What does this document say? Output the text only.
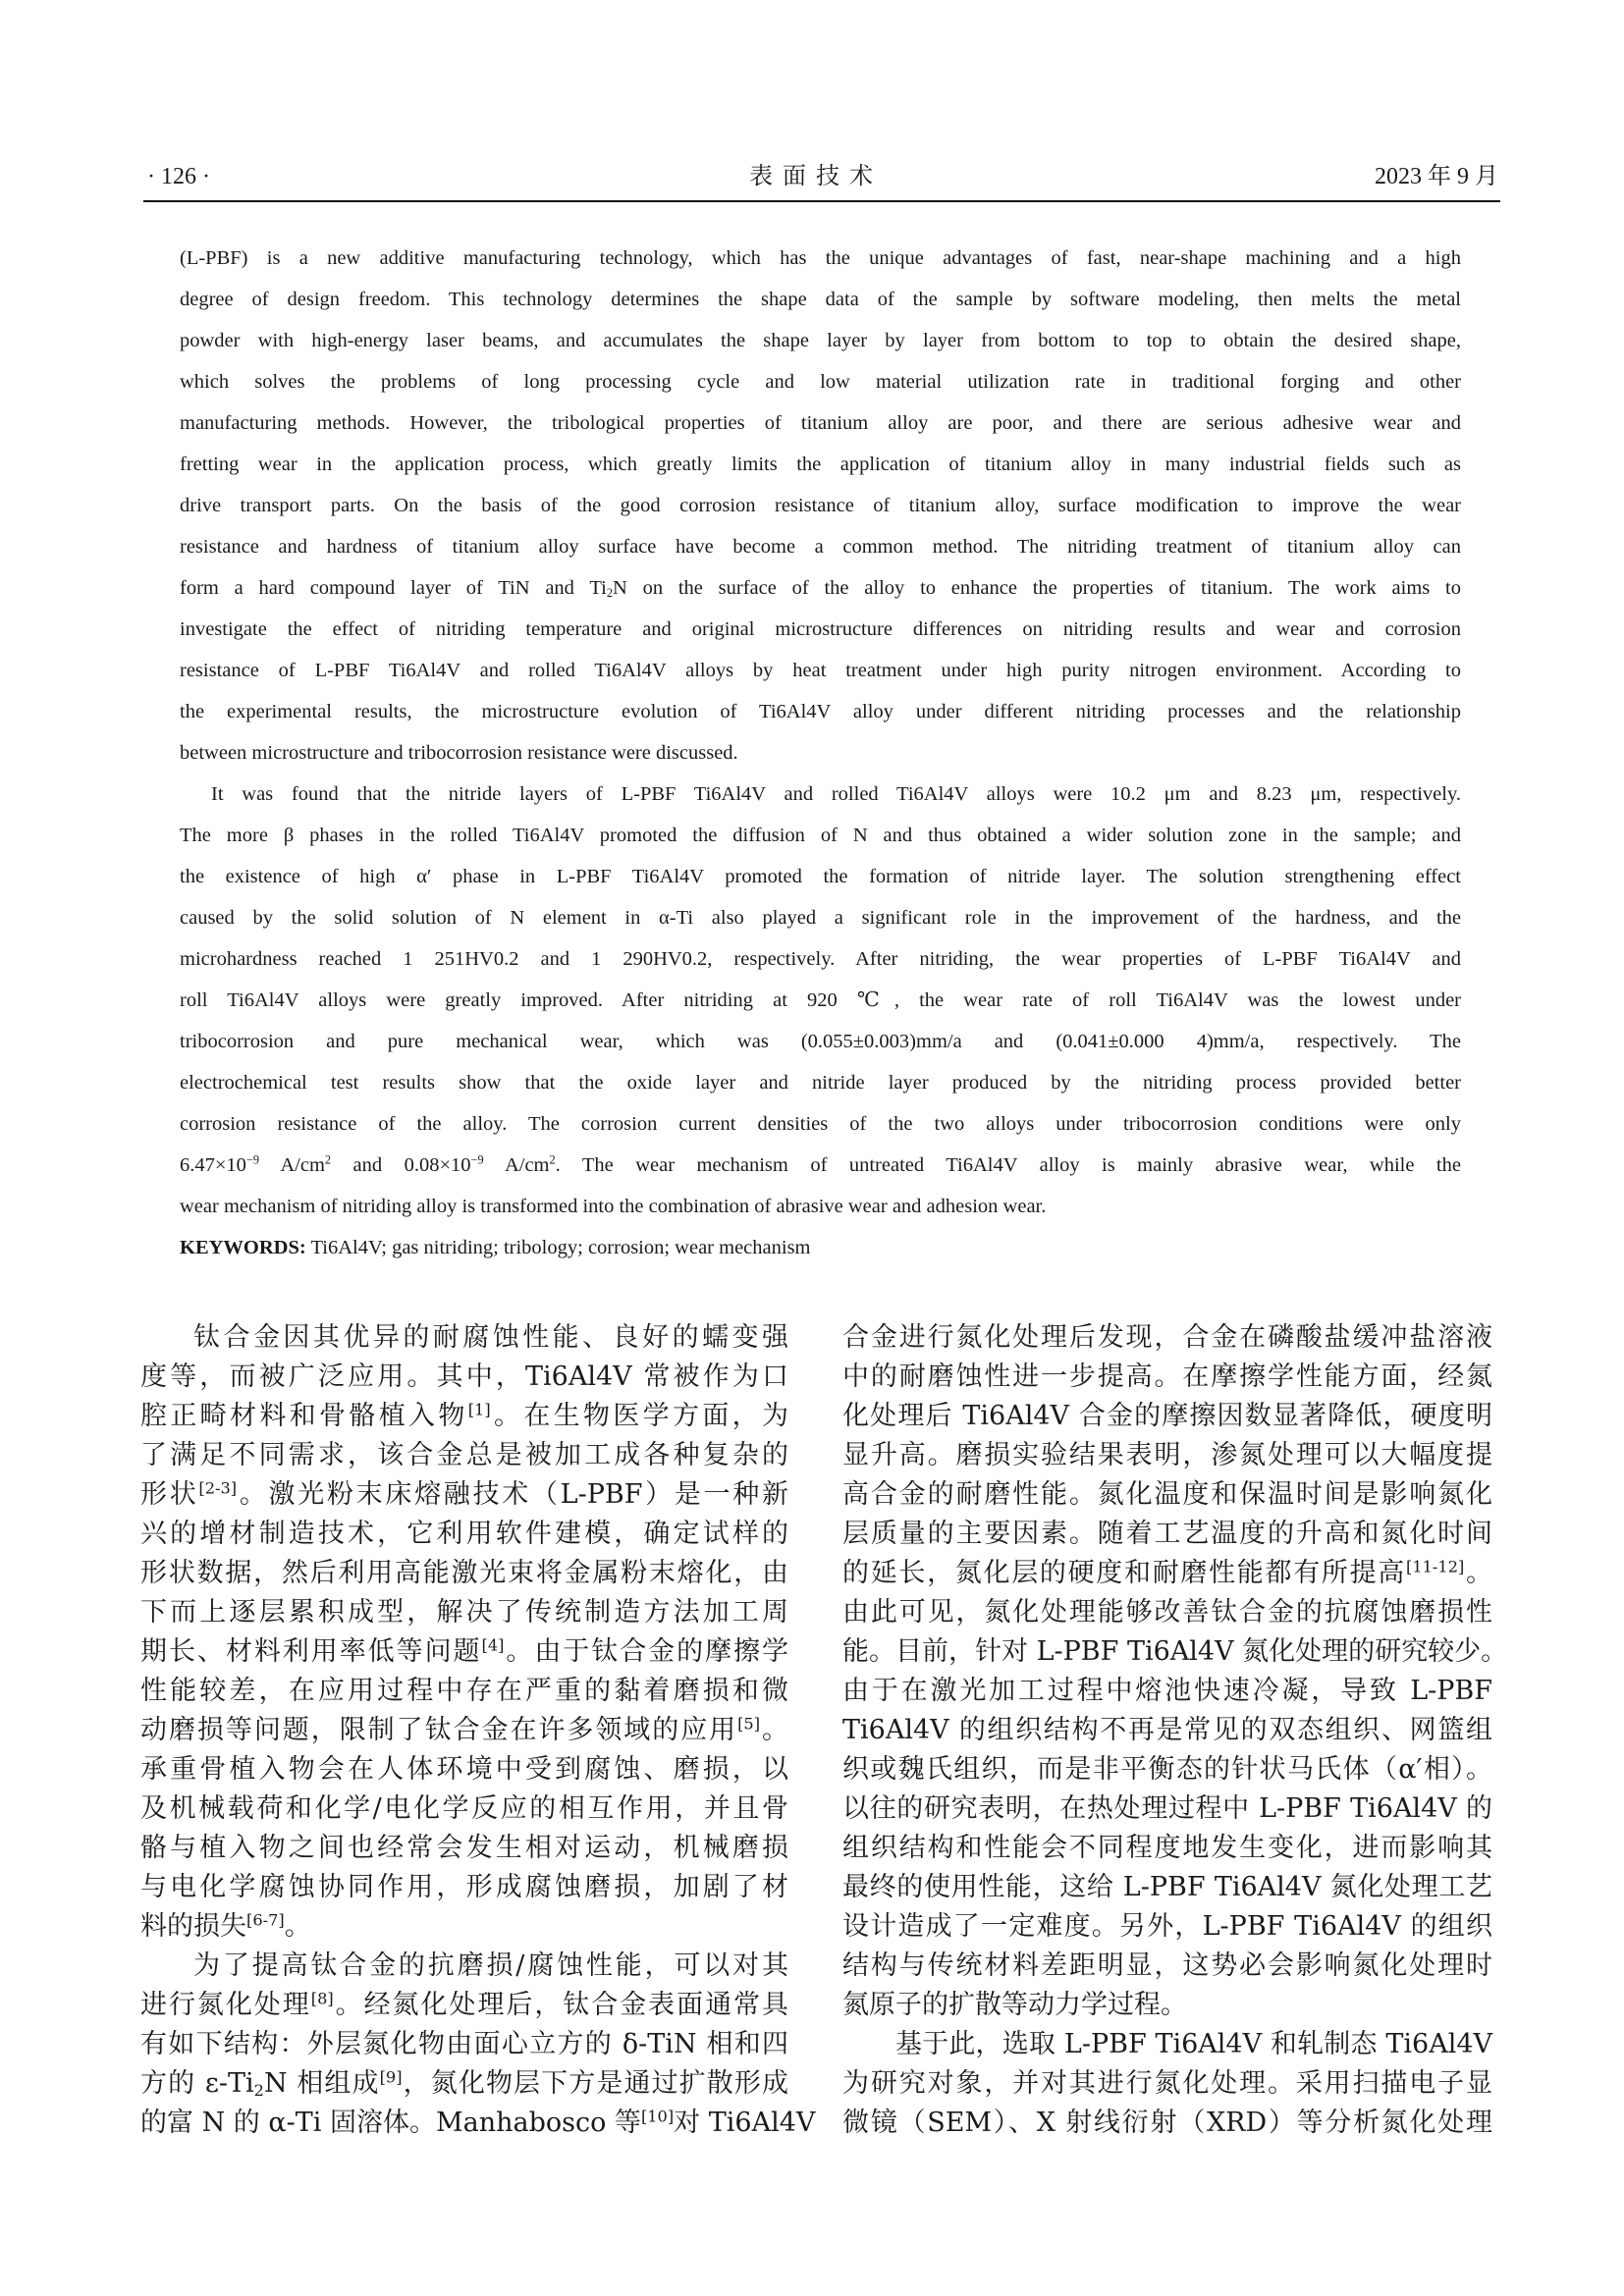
· 126 ·	表 面 技 术	2023 年 9 月
(L-PBF) is a new additive manufacturing technology, which has the unique advantages of fast, near-shape machining and a high
degree of design freedom. This technology determines the shape data of the sample by software modeling, then melts the metal
powder with high-energy laser beams, and accumulates the shape layer by layer from bottom to top to obtain the desired shape,
which solves the problems of long processing cycle and low material utilization rate in traditional forging and other
manufacturing methods. However, the tribological properties of titanium alloy are poor, and there are serious adhesive wear and
fretting wear in the application process, which greatly limits the application of titanium alloy in many industrial fields such as
drive transport parts. On the basis of the good corrosion resistance of titanium alloy, surface modification to improve the wear
resistance and hardness of titanium alloy surface have become a common method. The nitriding treatment of titanium alloy can
form a hard compound layer of TiN and $Ti_2N$ on the surface of the alloy to enhance the properties of titanium. The work aims to
investigate the effect of nitriding temperature and original microstructure differences on nitriding results and wear and corrosion
resistance of L-PBF Ti6Al4V and rolled Ti6Al4V alloys by heat treatment under high purity nitrogen environment. According to
the experimental results, the microstructure evolution of Ti6Al4V alloy under different nitriding processes and the relationship
between microstructure and tribocorrosion resistance were discussed.
It was found that the nitride layers of L-PBF Ti6Al4V and rolled Ti6Al4V alloys were 10.2 μm and 8.23 μm, respectively.
The more β phases in the rolled Ti6Al4V promoted the diffusion of N and thus obtained a wider solution zone in the sample; and
the existence of high α′ phase in L-PBF Ti6Al4V promoted the formation of nitride layer. The solution strengthening effect
caused by the solid solution of N element in α-Ti also played a significant role in the improvement of the hardness, and the
microhardness reached 1 251HV0.2 and 1 290HV0.2, respectively. After nitriding, the wear properties of L-PBF Ti6Al4V and
roll Ti6Al4V alloys were greatly improved. After nitriding at 920 ℃, the wear rate of roll Ti6Al4V was the lowest under
tribocorrosion and pure mechanical wear, which was (0.055±0.003)mm/a and (0.041±0.000 4)mm/a, respectively. The
electrochemical test results show that the oxide layer and nitride layer produced by the nitriding process provided better
corrosion resistance of the alloy. The corrosion current densities of the two alloys under tribocorrosion conditions were only
$6.47\times 10^{-9}$ $A/cm^2$ and $0.08\times 10^{-9}$ $A/cm^2$. The wear mechanism of untreated Ti6Al4V alloy is mainly abrasive wear, while the
wear mechanism of nitriding alloy is transformed into the combination of abrasive wear and adhesion wear.
KEYWORDS: Ti6Al4V; gas nitriding; tribology; corrosion; wear mechanism
钛合金因其优异的耐腐蚀性能、良好的蠕变强
度等，而被广泛应用。其中，Ti6Al4V 常被作为口
腔正畸材料和骨骼植入物[1]。在生物医学方面，为
了满足不同需求，该合金总是被加工成各种复杂的
形状[2-3]。激光粉末床熔融技术（L-PBF）是一种新
兴的增材制造技术，它利用软件建模，确定试样的
形状数据，然后利用高能激光束将金属粉末熔化，由
下而上逐层累积成型，解决了传统制造方法加工周
期长、材料利用率低等问题[4]。由于钛合金的摩擦学
性能较差，在应用过程中存在严重的黏着磨损和微
动磨损等问题，限制了钛合金在许多领域的应用[5]。
承重骨植入物会在人体环境中受到腐蚀、磨损，以
及机械载荷和化学/电化学反应的相互作用，并且骨
骼与植入物之间也经常会发生相对运动，机械磨损
与电化学腐蚀协同作用，形成腐蚀磨损，加剧了材
料的损失[6-7]。
为了提高钛合金的抗磨损/腐蚀性能，可以对其
进行氮化处理[8]。经氮化处理后，钛合金表面通常具
有如下结构：外层氮化物由面心立方的 δ-TiN 相和四
方的 $\varepsilon-Ti_2N$ 相组成[9]，氮化物层下方是通过扩散形成
的富 N 的 α-Ti 固溶体。Manhabosco 等[10]对 Ti6Al4V
合金进行氮化处理后发现，合金在磷酸盐缓冲盐溶液
中的耐磨蚀性进一步提高。在摩擦学性能方面，经氮
化处理后 Ti6Al4V 合金的摩擦因数显著降低，硬度明
显升高。磨损实验结果表明，渗氮处理可以大幅度提
高合金的耐磨性能。氮化温度和保温时间是影响氮化
层质量的主要因素。随着工艺温度的升高和氮化时间
的延长，氮化层的硬度和耐磨性能都有所提高[11-12]。
由此可见，氮化处理能够改善钛合金的抗腐蚀磨损性
能。目前，针对 L-PBF Ti6Al4V 氮化处理的研究较少。
由于在激光加工过程中熔池快速冷凝，导致 L-PBF
Ti6Al4V 的组织结构不再是常见的双态组织、网篮组
织或魏氏组织，而是非平衡态的针状马氏体（α′相）。
以往的研究表明，在热处理过程中 L-PBF Ti6Al4V 的
组织结构和性能会不同程度地发生变化，进而影响其
最终的使用性能，这给 L-PBF Ti6Al4V 氮化处理工艺
设计造成了一定难度。另外，L-PBF Ti6Al4V 的组织
结构与传统材料差距明显，这势必会影响氮化处理时
氮原子的扩散等动力学过程。
基于此，选取 L-PBF Ti6Al4V 和轧制态 Ti6Al4V
为研究对象，并对其进行氮化处理。采用扫描电子显
微镜（SEM）、X 射线衍射（XRD）等分析氮化处理
